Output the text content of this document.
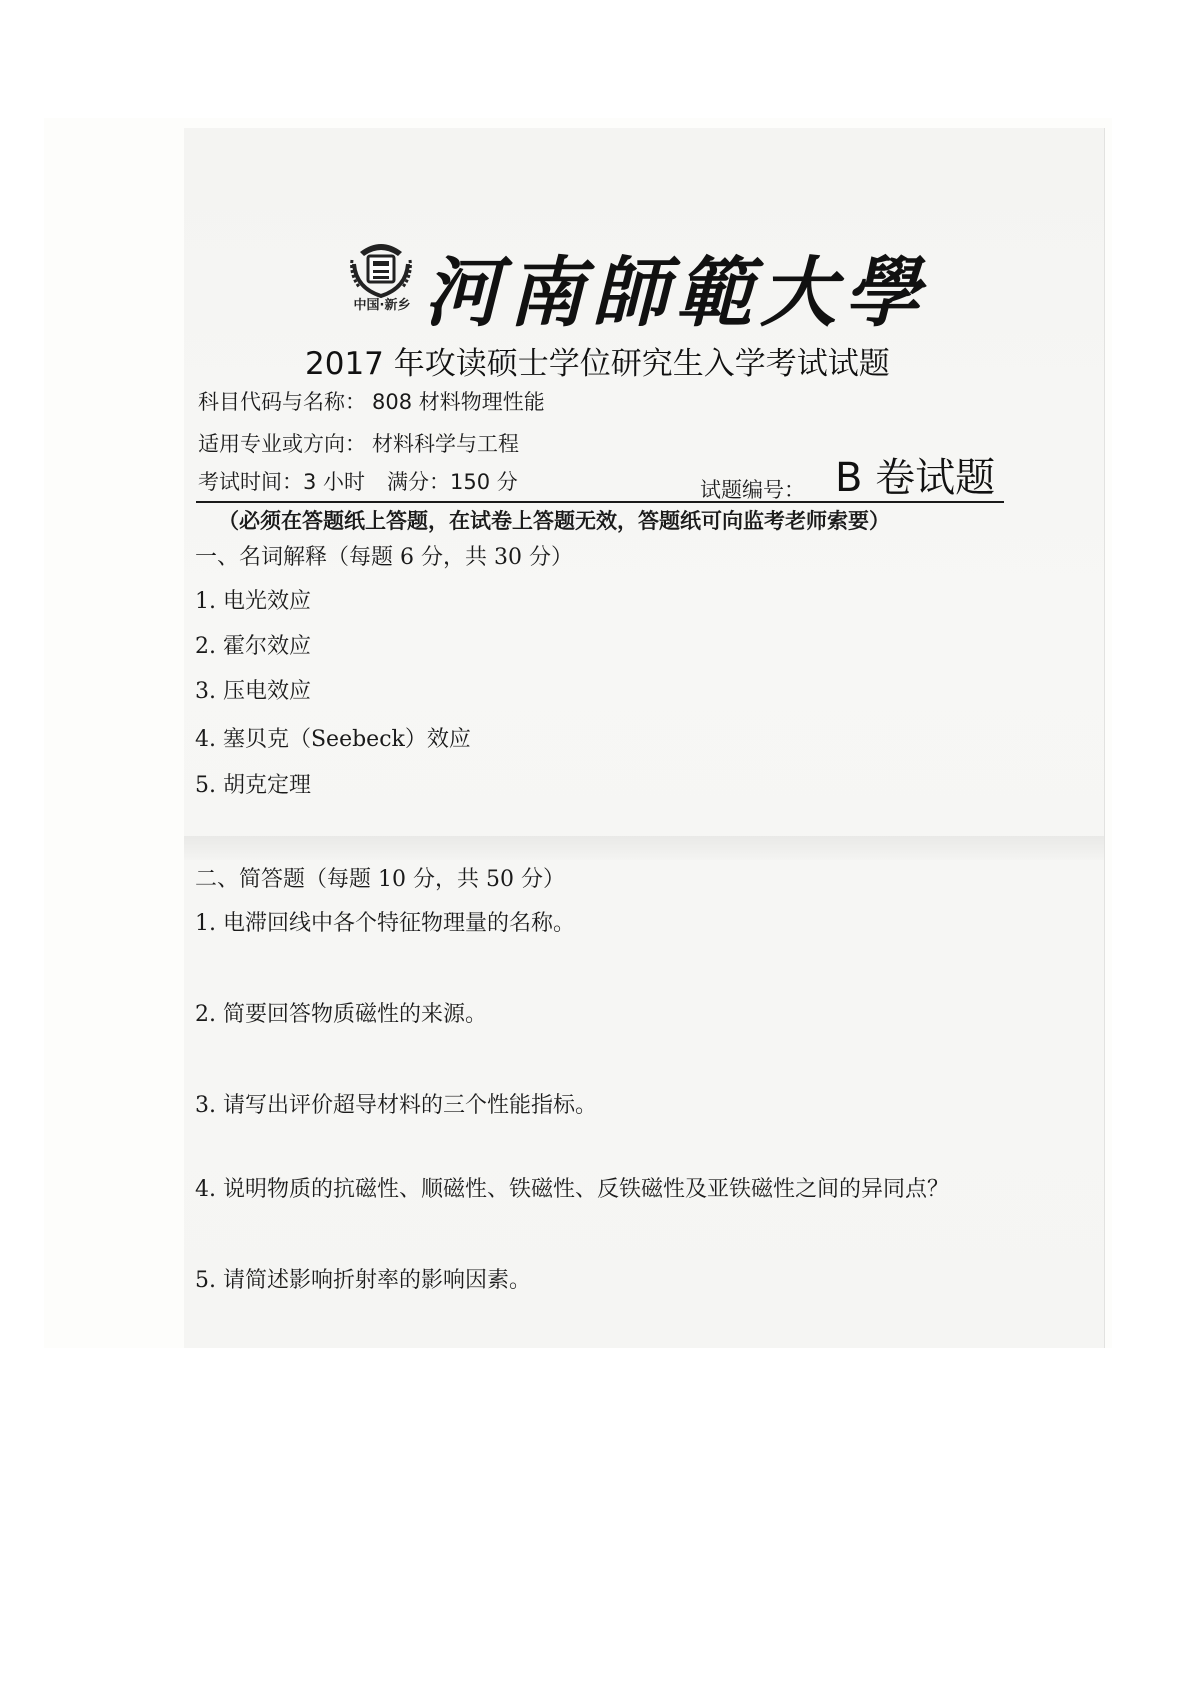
中国·新乡 河南師範大學
2017 年攻读硕士学位研究生入学考试试题
科目代码与名称： 808 材料物理性能
适用专业或方向： 材料科学与工程
考试时间：3 小时 满分：150 分	试题编号： B 卷试题
（必须在答题纸上答题，在试卷上答题无效，答题纸可向监考老师索要）
一、名词解释（每题 6 分，共 30 分）
1. 电光效应
2. 霍尔效应
3. 压电效应
4. 塞贝克（Seebeck）效应
5. 胡克定理
二、简答题（每题 10 分，共 50 分）
1. 电滞回线中各个特征物理量的名称。
2. 简要回答物质磁性的来源。
3. 请写出评价超导材料的三个性能指标。
4. 说明物质的抗磁性、顺磁性、铁磁性、反铁磁性及亚铁磁性之间的异同点？
5. 请简述影响折射率的影响因素。
